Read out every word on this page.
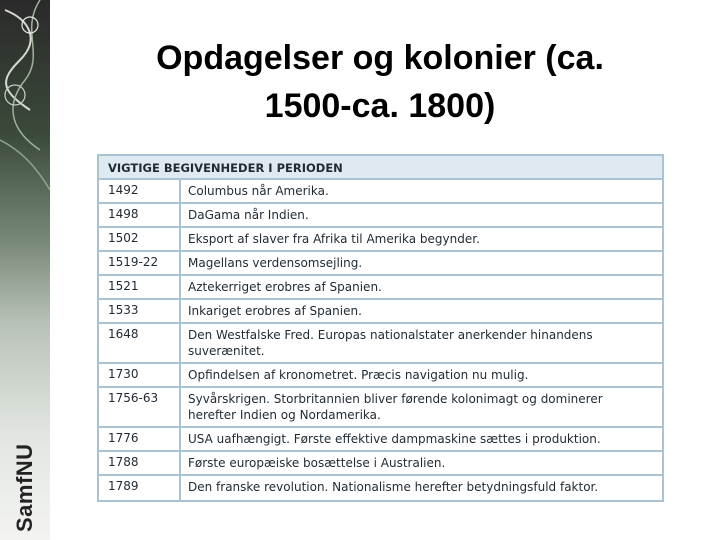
SamfNU
Opdagelser og kolonier (ca.
1500-ca. 1800)
VIGTIGE BEGIVENHEDER I PERIODEN
1492	Columbus når Amerika.
1498	DaGama når Indien.
1502	Eksport af slaver fra Afrika til Amerika begynder.
1519-22	Magellans verdensomsejling.
1521	Aztekerriget erobres af Spanien.
1533	Inkariget erobres af Spanien.
1648	Den Westfalske Fred. Europas nationalstater anerkender hinandens suverænitet.
1730	Opfindelsen af kronometret. Præcis navigation nu mulig.
1756-63	Syvårskrigen. Storbritannien bliver førende kolonimagt og dominerer herefter Indien og Nordamerika.
1776	USA uafhængigt. Første effektive dampmaskine sættes i produktion.
1788	Første europæiske bosættelse i Australien.
1789	Den franske revolution. Nationalisme herefter betydningsfuld faktor.
